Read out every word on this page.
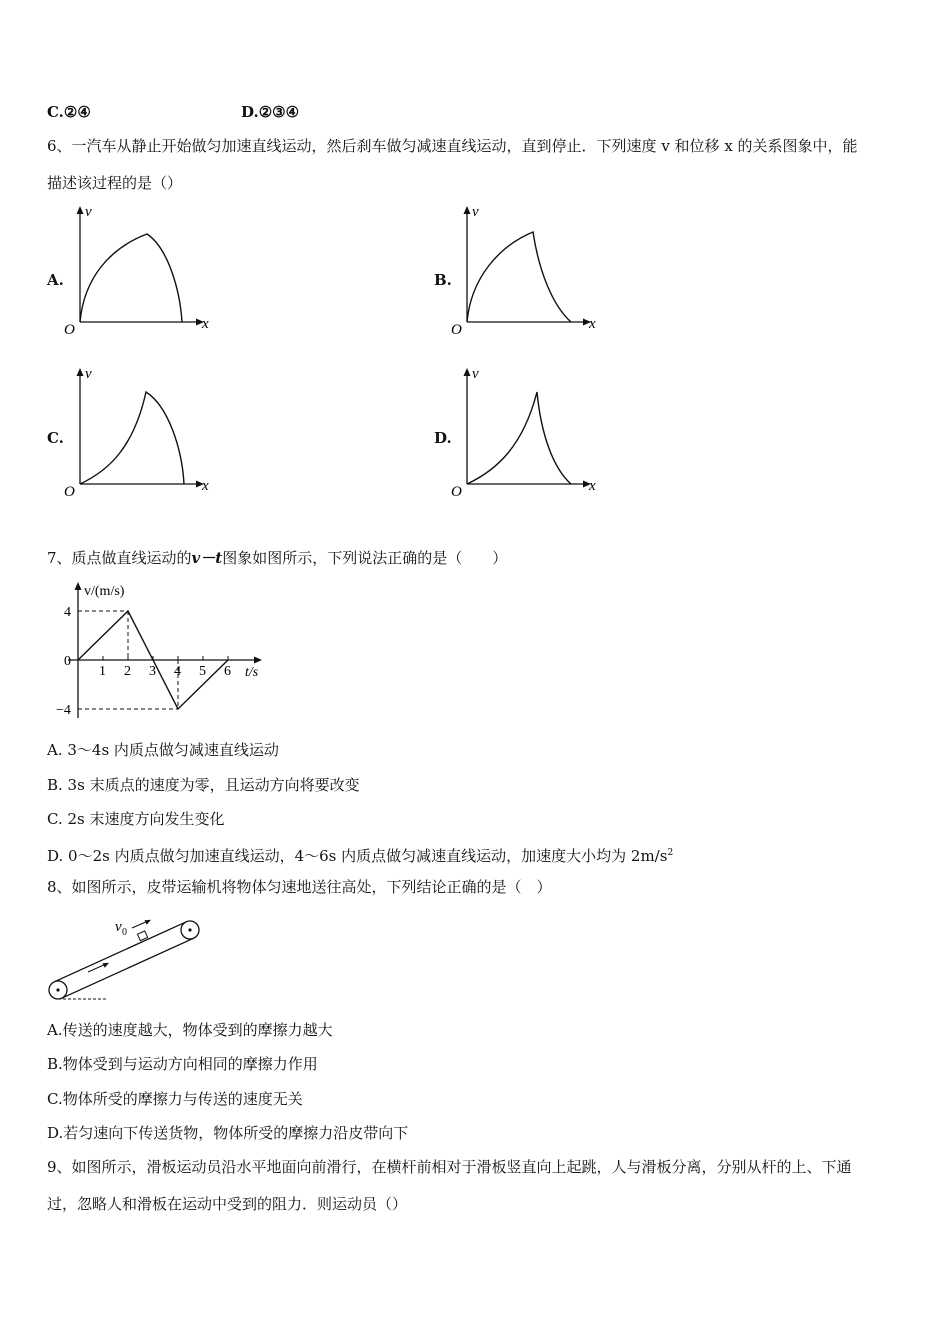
C.②④	D.②③④
6、一汽车从静止开始做匀加速直线运动，然后刹车做匀减速直线运动，直到停止．下列速度 v 和位移 x 的关系图象中，能
描述该过程的是（）
A.	B.
C.	D.
v
x
O
v
x
O
v
x
O
v
x
O
7、质点做直线运动的v－t图象如图所示，下列说法正确的是（　　）
v/(m/s)
t/s
1 2 3 4 5 6
4
0
−4
A. 3～4s 内质点做匀减速直线运动
B. 3s 末质点的速度为零，且运动方向将要改变
C. 2s 末速度方向发生变化
D. 0～2s 内质点做匀加速直线运动，4～6s 内质点做匀减速直线运动，加速度大小均为 $2m/s^2$
8、如图所示，皮带运输机将物体匀速地送往高处，下列结论正确的是（　）
v 0
A.传送的速度越大，物体受到的摩擦力越大
B.物体受到与运动方向相同的摩擦力作用
C.物体所受的摩擦力与传送的速度无关
D.若匀速向下传送货物，物体所受的摩擦力沿皮带向下
9、如图所示，滑板运动员沿水平地面向前滑行，在横杆前相对于滑板竖直向上起跳，人与滑板分离，分别从杆的上、下通
过，忽略人和滑板在运动中受到的阻力．则运动员（）
